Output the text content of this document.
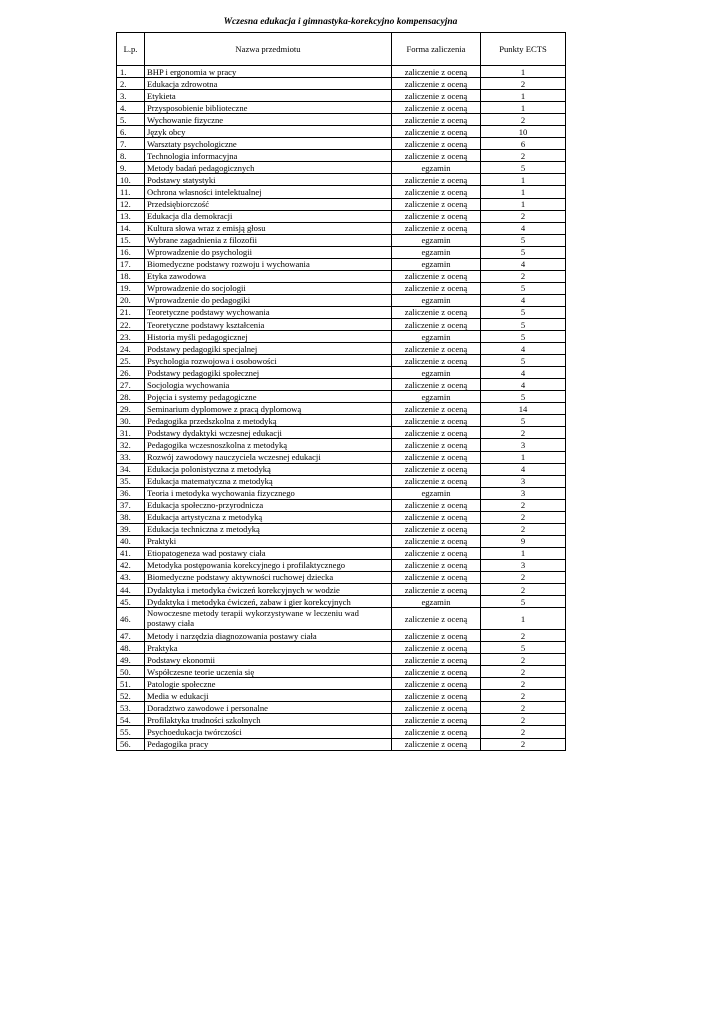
Wczesna edukacja i gimnastyka-korekcyjno kompensacyjna
L.p.	Nazwa przedmiotu	Forma zaliczenia	Punkty ECTS
1.	BHP i ergonomia w pracy	zaliczenie z oceną	1
2.	Edukacja zdrowotna	zaliczenie z oceną	2
3.	Etykieta	zaliczenie z oceną	1
4.	Przysposobienie biblioteczne	zaliczenie z oceną	1
5.	Wychowanie fizyczne	zaliczenie z oceną	2
6.	Język obcy	zaliczenie z oceną	10
7.	Warsztaty psychologiczne	zaliczenie z oceną	6
8.	Technologia informacyjna	zaliczenie z oceną	2
9.	Metody badań pedagogicznych	egzamin	5
10.	Podstawy statystyki	zaliczenie z oceną	1
11.	Ochrona własności intelektualnej	zaliczenie z oceną	1
12.	Przedsiębiorczość	zaliczenie z oceną	1
13.	Edukacja dla demokracji	zaliczenie z oceną	2
14.	Kultura słowa wraz z emisją głosu	zaliczenie z oceną	4
15.	Wybrane zagadnienia z filozofii	egzamin	5
16.	Wprowadzenie do psychologii	egzamin	5
17.	Biomedyczne podstawy rozwoju i wychowania	egzamin	4
18.	Etyka zawodowa	zaliczenie z oceną	2
19.	Wprowadzenie do socjologii	zaliczenie z oceną	5
20.	Wprowadzenie do pedagogiki	egzamin	4
21.	Teoretyczne podstawy wychowania	zaliczenie z oceną	5
22.	Teoretyczne podstawy kształcenia	zaliczenie z oceną	5
23.	Historia myśli pedagogicznej	egzamin	5
24.	Podstawy pedagogiki specjalnej	zaliczenie z oceną	4
25.	Psychologia rozwojowa i osobowości	zaliczenie z oceną	5
26.	Podstawy pedagogiki społecznej	egzamin	4
27.	Socjologia wychowania	zaliczenie z oceną	4
28.	Pojęcia i systemy pedagogiczne	egzamin	5
29.	Seminarium dyplomowe z pracą dyplomową	zaliczenie z oceną	14
30.	Pedagogika przedszkolna z metodyką	zaliczenie z oceną	5
31.	Podstawy dydaktyki wczesnej edukacji	zaliczenie z oceną	2
32.	Pedagogika wczesnoszkolna z metodyką	zaliczenie z oceną	3
33.	Rozwój zawodowy nauczyciela wczesnej edukacji	zaliczenie z oceną	1
34.	Edukacja polonistyczna z metodyką	zaliczenie z oceną	4
35.	Edukacja matematyczna z metodyką	zaliczenie z oceną	3
36.	Teoria i metodyka wychowania fizycznego	egzamin	3
37.	Edukacja społeczno-przyrodnicza	zaliczenie z oceną	2
38.	Edukacja artystyczna z metodyką	zaliczenie z oceną	2
39.	Edukacja techniczna z metodyką	zaliczenie z oceną	2
40.	Praktyki	zaliczenie z oceną	9
41.	Etiopatogeneza wad postawy ciała	zaliczenie z oceną	1
42.	Metodyka postępowania korekcyjnego i profilaktycznego	zaliczenie z oceną	3
43.	Biomedyczne podstawy aktywności ruchowej dziecka	zaliczenie z oceną	2
44.	Dydaktyka i metodyka ćwiczeń korekcyjnych w wodzie	zaliczenie z oceną	2
45.	Dydaktyka i metodyka ćwiczeń, zabaw i gier korekcyjnych	egzamin	5
46.	Nowoczesne metody terapii wykorzystywane w leczeniu wad postawy ciała	zaliczenie z oceną	1
47.	Metody i narzędzia diagnozowania postawy ciała	zaliczenie z oceną	2
48.	Praktyka	zaliczenie z oceną	5
49.	Podstawy ekonomii	zaliczenie z oceną	2
50.	Współczesne teorie uczenia się	zaliczenie z oceną	2
51.	Patologie społeczne	zaliczenie z oceną	2
52.	Media w edukacji	zaliczenie z oceną	2
53.	Doradztwo zawodowe i personalne	zaliczenie z oceną	2
54.	Profilaktyka trudności szkolnych	zaliczenie z oceną	2
55.	Psychoedukacja twórczości	zaliczenie z oceną	2
56.	Pedagogika pracy	zaliczenie z oceną	2
